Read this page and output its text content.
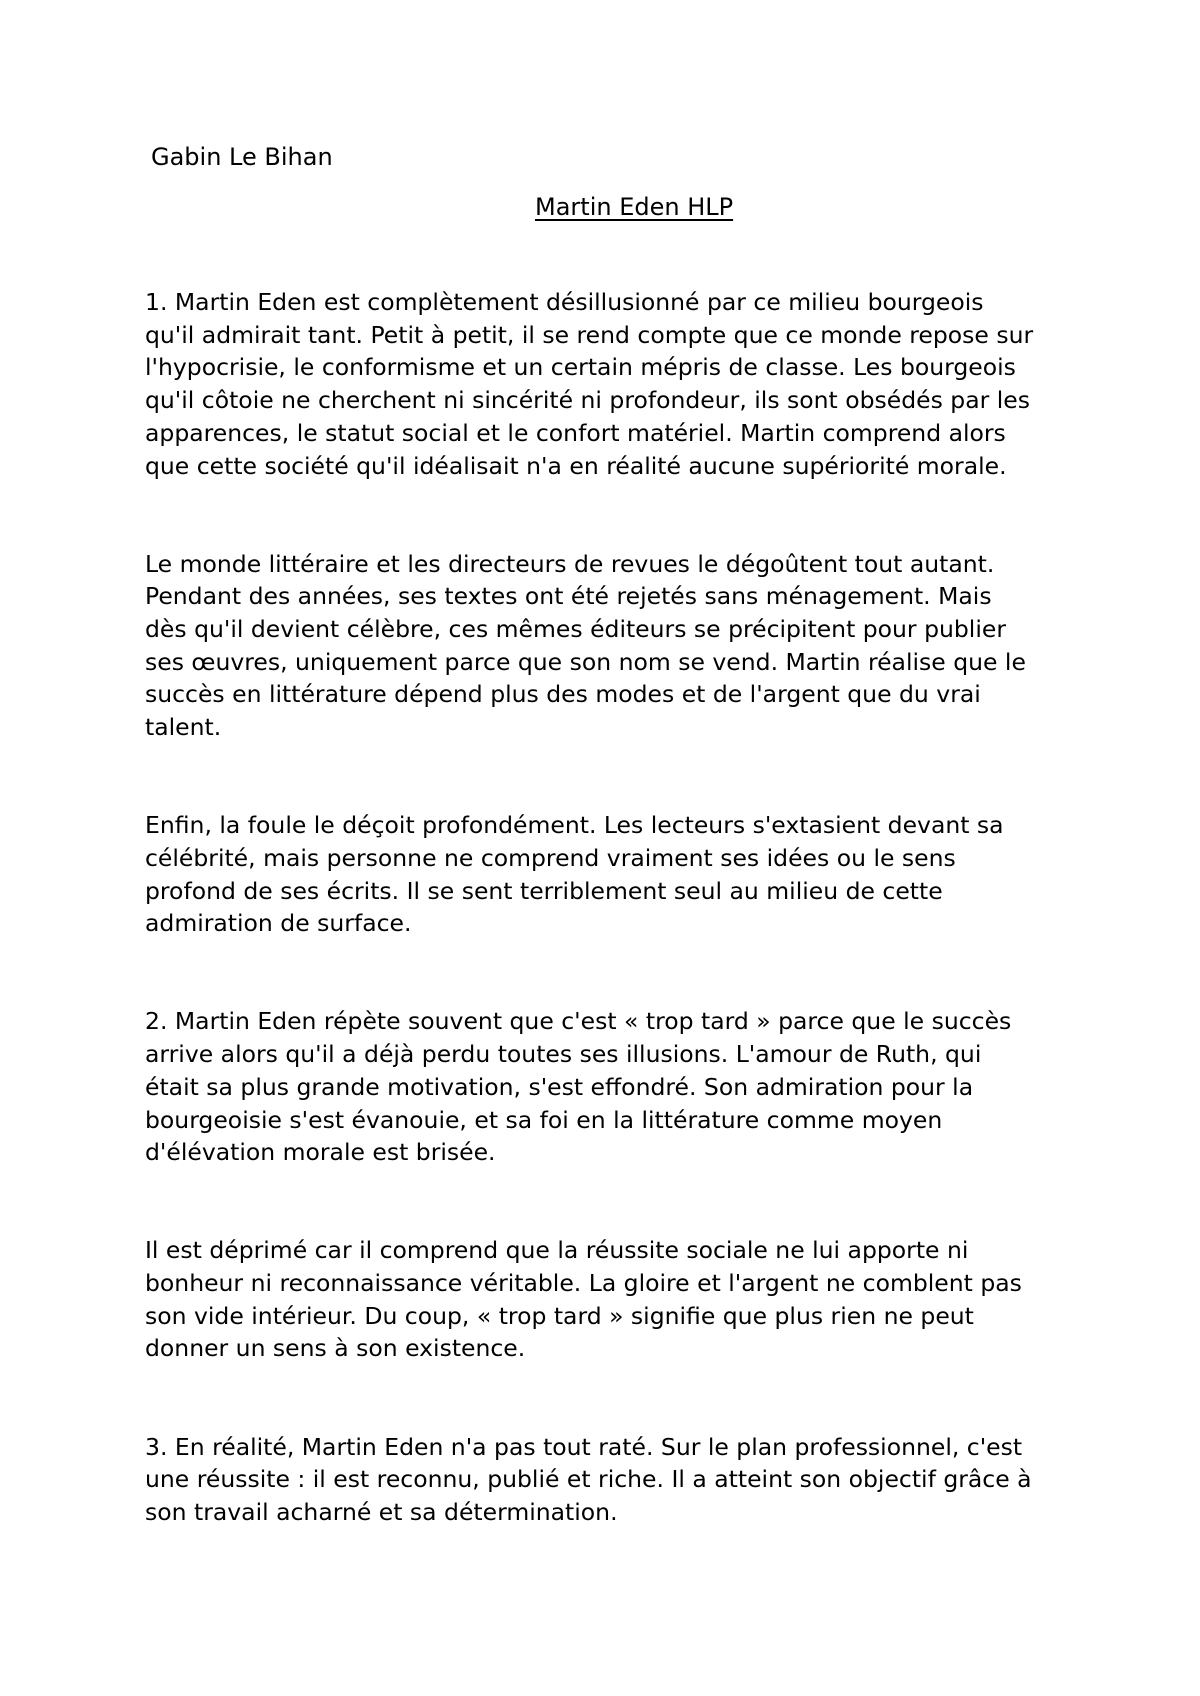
Gabin Le Bihan

Martin Eden HLP

1. Martin Eden est complètement désillusionné par ce milieu bourgeois
qu'il admirait tant. Petit à petit, il se rend compte que ce monde repose sur
l'hypocrisie, le conformisme et un certain mépris de classe. Les bourgeois
qu'il côtoie ne cherchent ni sincérité ni profondeur, ils sont obsédés par les
apparences, le statut social et le confort matériel. Martin comprend alors
que cette société qu'il idéalisait n'a en réalité aucune supériorité morale.

Le monde littéraire et les directeurs de revues le dégoûtent tout autant.
Pendant des années, ses textes ont été rejetés sans ménagement. Mais
dès qu'il devient célèbre, ces mêmes éditeurs se précipitent pour publier
ses œuvres, uniquement parce que son nom se vend. Martin réalise que le
succès en littérature dépend plus des modes et de l'argent que du vrai
talent.

Enfin, la foule le déçoit profondément. Les lecteurs s'extasient devant sa
célébrité, mais personne ne comprend vraiment ses idées ou le sens
profond de ses écrits. Il se sent terriblement seul au milieu de cette
admiration de surface.

2. Martin Eden répète souvent que c'est « trop tard » parce que le succès
arrive alors qu'il a déjà perdu toutes ses illusions. L'amour de Ruth, qui
était sa plus grande motivation, s'est effondré. Son admiration pour la
bourgeoisie s'est évanouie, et sa foi en la littérature comme moyen
d'élévation morale est brisée.

Il est déprimé car il comprend que la réussite sociale ne lui apporte ni
bonheur ni reconnaissance véritable. La gloire et l'argent ne comblent pas
son vide intérieur. Du coup, « trop tard » signifie que plus rien ne peut
donner un sens à son existence.

3. En réalité, Martin Eden n'a pas tout raté. Sur le plan professionnel, c'est
une réussite : il est reconnu, publié et riche. Il a atteint son objectif grâce à
son travail acharné et sa détermination.
